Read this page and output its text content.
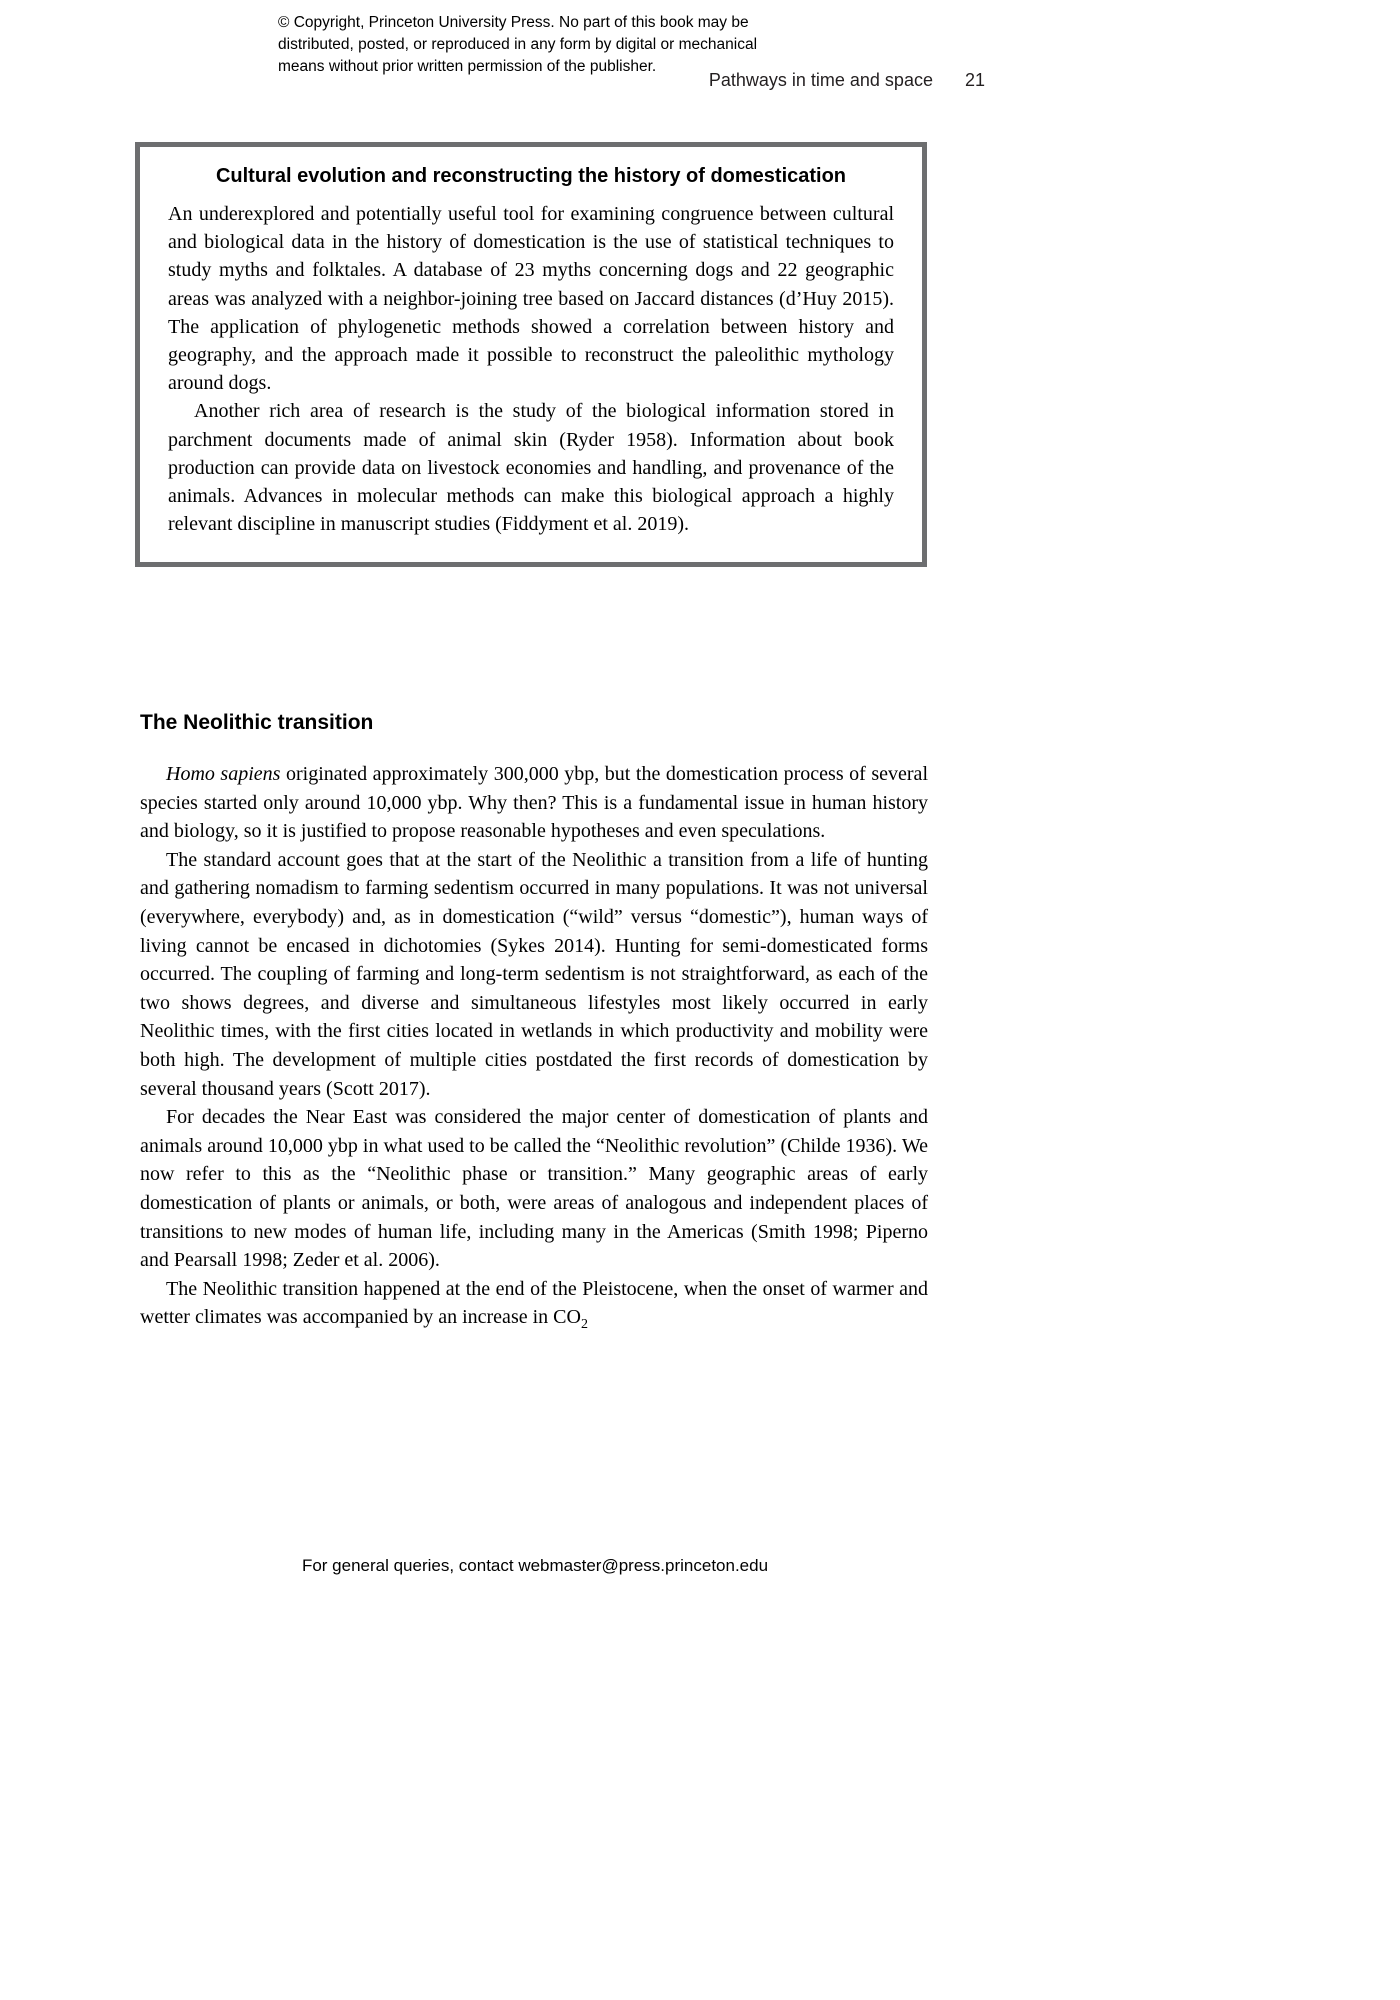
© Copyright, Princeton University Press. No part of this book may be
distributed, posted, or reproduced in any form by digital or mechanical
means without prior written permission of the publisher.
Pathways in time and space 21
Cultural evolution and reconstructing the history of domestication

An underexplored and potentially useful tool for examining congruence between cultural and biological data in the history of domestication is the use of statistical techniques to study myths and folktales. A database of 23 myths concerning dogs and 22 geographic areas was analyzed with a neighbor-joining tree based on Jaccard distances (d’Huy 2015). The application of phylogenetic methods showed a correlation between history and geography, and the approach made it possible to reconstruct the paleolithic mythology around dogs.

Another rich area of research is the study of the biological information stored in parchment documents made of animal skin (Ryder 1958). Information about book production can provide data on livestock economies and handling, and provenance of the animals. Advances in molecular methods can make this biological approach a highly relevant discipline in manuscript studies (Fiddyment et al. 2019).

The Neolithic transition

Homo sapiens originated approximately 300,000 ybp, but the domestication process of several species started only around 10,000 ybp. Why then? This is a fundamental issue in human history and biology, so it is justified to propose reasonable hypotheses and even speculations.

The standard account goes that at the start of the Neolithic a transition from a life of hunting and gathering nomadism to farming sedentism occurred in many populations. It was not universal (everywhere, everybody) and, as in domestication (“wild” versus “domestic”), human ways of living cannot be encased in dichotomies (Sykes 2014). Hunting for semi-domesticated forms occurred. The coupling of farming and long-term sedentism is not straightforward, as each of the two shows degrees, and diverse and simultaneous lifestyles most likely occurred in early Neolithic times, with the first cities located in wetlands in which productivity and mobility were both high. The development of multiple cities postdated the first records of domestication by several thousand years (Scott 2017).

For decades the Near East was considered the major center of domestication of plants and animals around 10,000 ybp in what used to be called the “Neolithic revolution” (Childe 1936). We now refer to this as the “Neolithic phase or transition.” Many geographic areas of early domestication of plants or animals, or both, were areas of analogous and independent places of transitions to new modes of human life, including many in the Americas (Smith 1998; Piperno and Pearsall 1998; Zeder et al. 2006).

The Neolithic transition happened at the end of the Pleistocene, when the onset of warmer and wetter climates was accompanied by an increase in $CO_2$

For general queries, contact webmaster@press.princeton.edu
